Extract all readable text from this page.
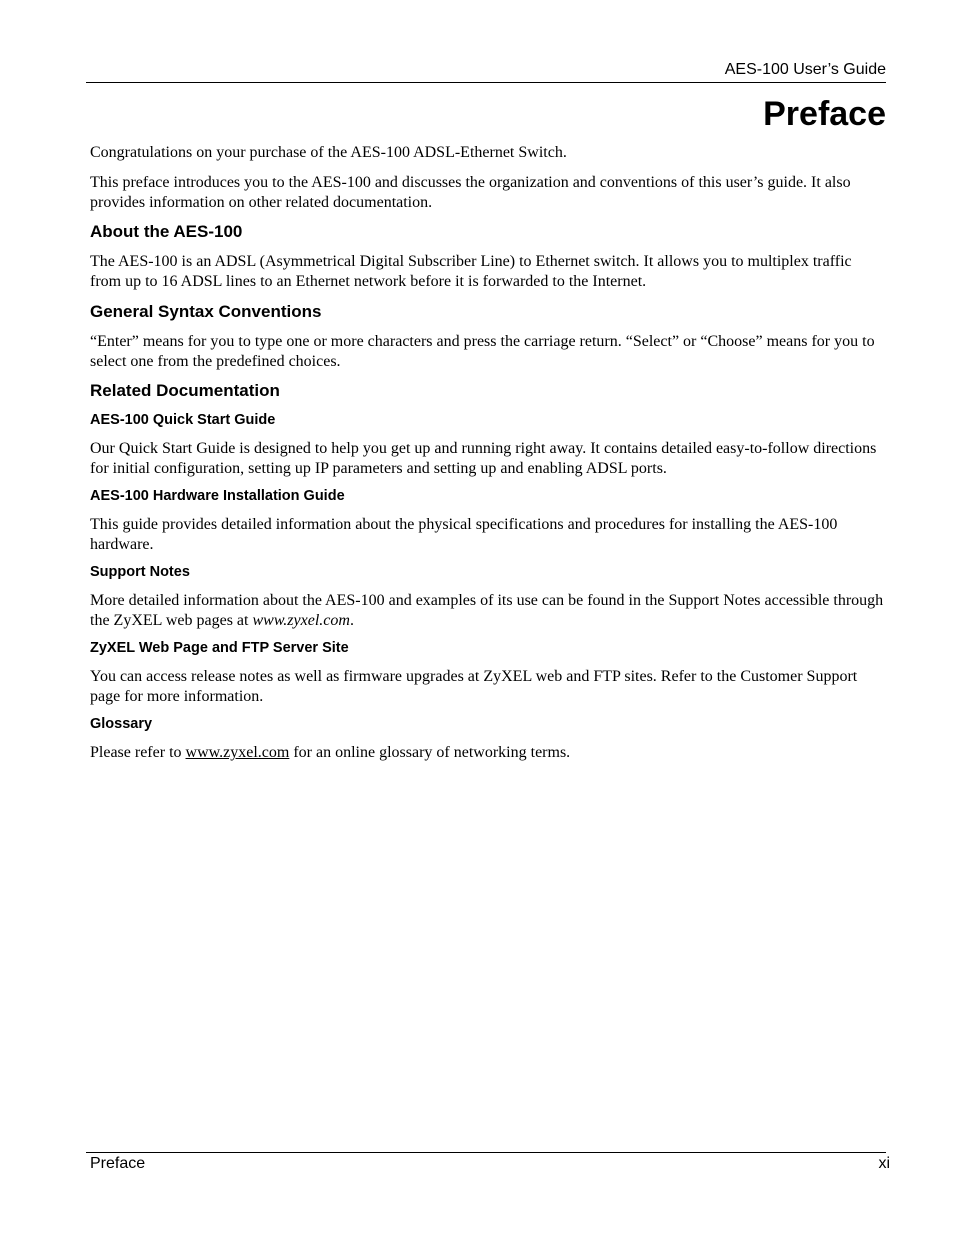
AES-100 User’s Guide
Preface

Congratulations on your purchase of the AES-100 ADSL-Ethernet Switch.

This preface introduces you to the AES-100 and discusses the organization and conventions of this user’s guide. It also provides information on other related documentation.

About the AES-100

The AES-100 is an ADSL (Asymmetrical Digital Subscriber Line) to Ethernet switch. It allows you to multiplex traffic from up to 16 ADSL lines to an Ethernet network before it is forwarded to the Internet.

General Syntax Conventions

“Enter” means for you to type one or more characters and press the carriage return. “Select” or “Choose” means for you to select one from the predefined choices.

Related Documentation
AES-100 Quick Start Guide

Our Quick Start Guide is designed to help you get up and running right away. It contains detailed easy-to-follow directions for initial configuration, setting up IP parameters and setting up and enabling ADSL ports.

AES-100 Hardware Installation Guide

This guide provides detailed information about the physical specifications and procedures for installing the AES-100 hardware.

Support Notes

More detailed information about the AES-100 and examples of its use can be found in the Support Notes accessible through the ZyXEL web pages at www.zyxel.com.

ZyXEL Web Page and FTP Server Site

You can access release notes as well as firmware upgrades at ZyXEL web and FTP sites. Refer to the Customer Support page for more information.

Glossary

Please refer to www.zyxel.com for an online glossary of networking terms.

Preface	xi
